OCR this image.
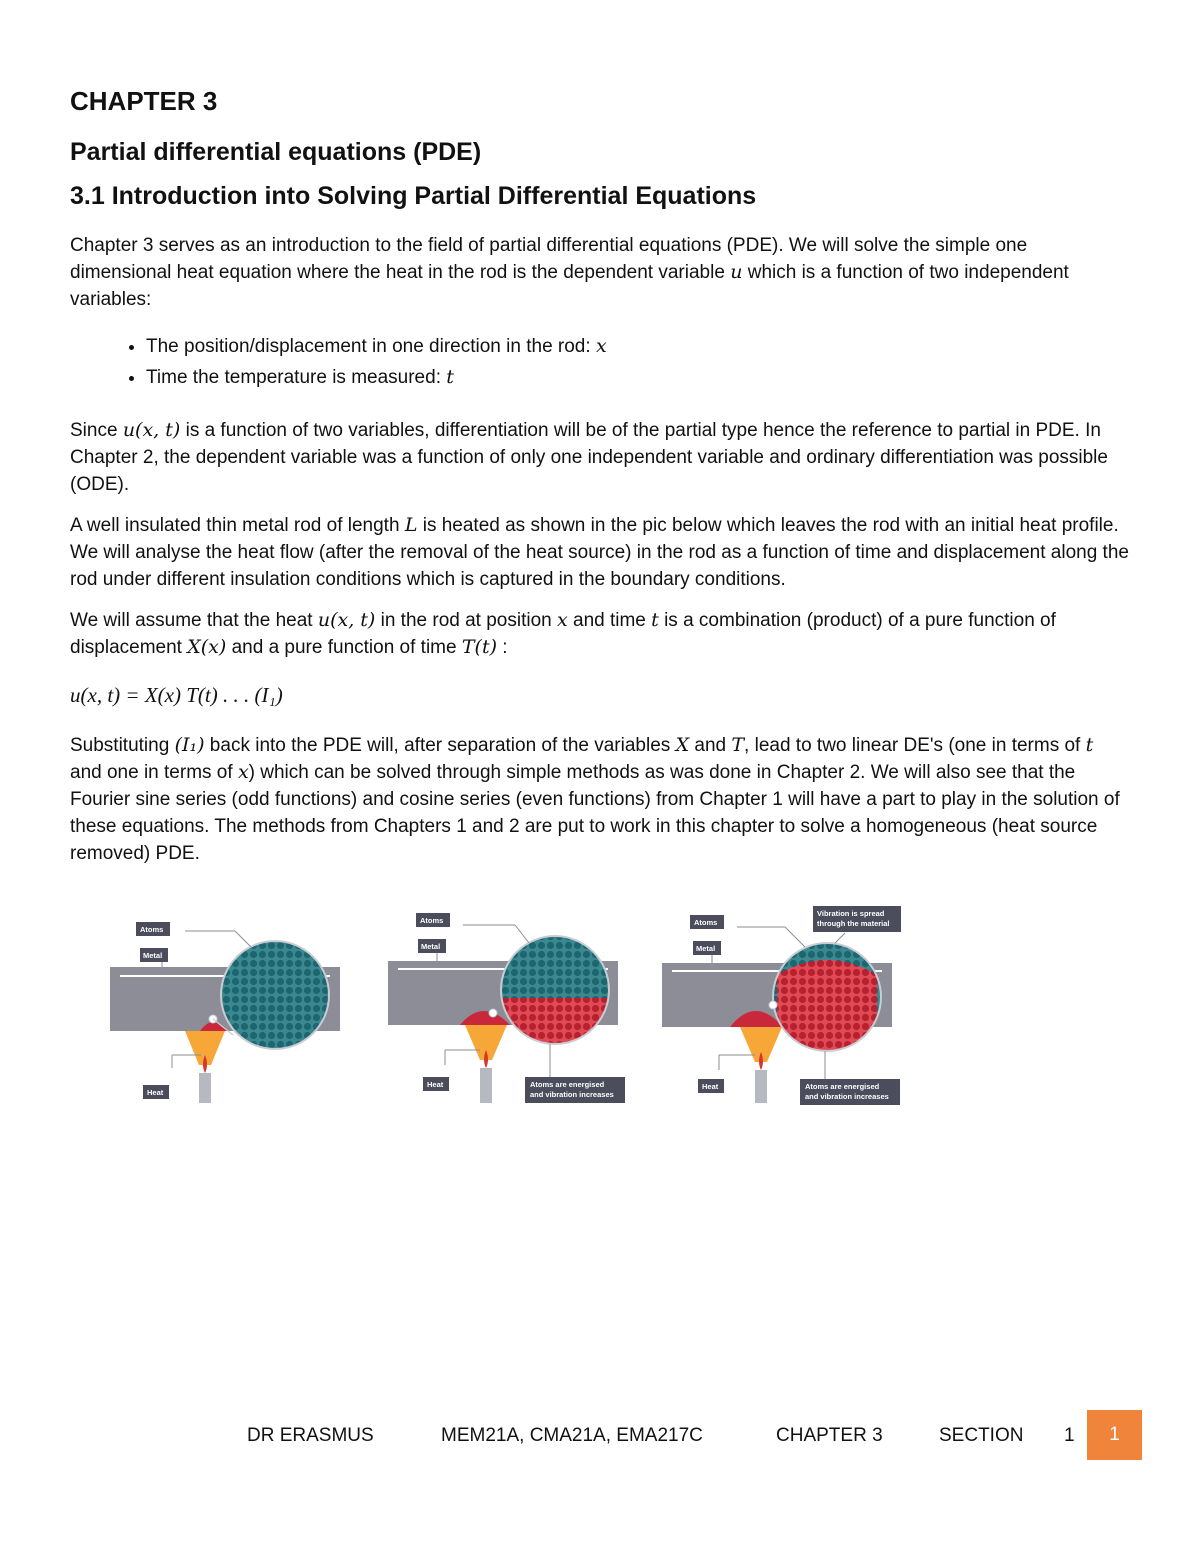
CHAPTER 3
Partial differential equations (PDE)
3.1 Introduction into Solving Partial Differential Equations

Chapter 3 serves as an introduction to the field of partial differential equations (PDE). We will solve the simple one dimensional heat equation where the heat in the rod is the dependent variable u which is a function of two independent variables:

• The position/displacement in one direction in the rod: x
• Time the temperature is measured: t

Since u(x, t) is a function of two variables, differentiation will be of the partial type hence the reference to partial in PDE. In Chapter 2, the dependent variable was a function of only one independent variable and ordinary differentiation was possible (ODE).

A well insulated thin metal rod of length L is heated as shown in the pic below which leaves the rod with an initial heat profile. We will analyse the heat flow (after the removal of the heat source) in the rod as a function of time and displacement along the rod under different insulation conditions which is captured in the boundary conditions.

We will assume that the heat u(x, t) in the rod at position x and time t is a combination (product) of a pure function of displacement X(x) and a pure function of time T(t) :

u(x, t) = X(x) T(t) . . . (I₁)

Substituting (I₁) back into the PDE will, after separation of the variables X and T, lead to two linear DE's (one in terms of t and one in terms of x) which can be solved through simple methods as was done in Chapter 2. We will also see that the Fourier sine series (odd functions) and cosine series (even functions) from Chapter 1 will have a part to play in the solution of these equations. The methods from Chapters 1 and 2 are put to work in this chapter to solve a homogeneous (heat source removed) PDE.

Atoms
Metal
Heat
Atoms
Metal
Heat	Atoms are energised
and vibration increases
Atoms
Metal
Heat
Vibration is spread
through the material
Atoms are energised
and vibration increases
DR ERASMUS	MEM21A, CMA21A, EMA217C	CHAPTER 3	SECTION 1	1
